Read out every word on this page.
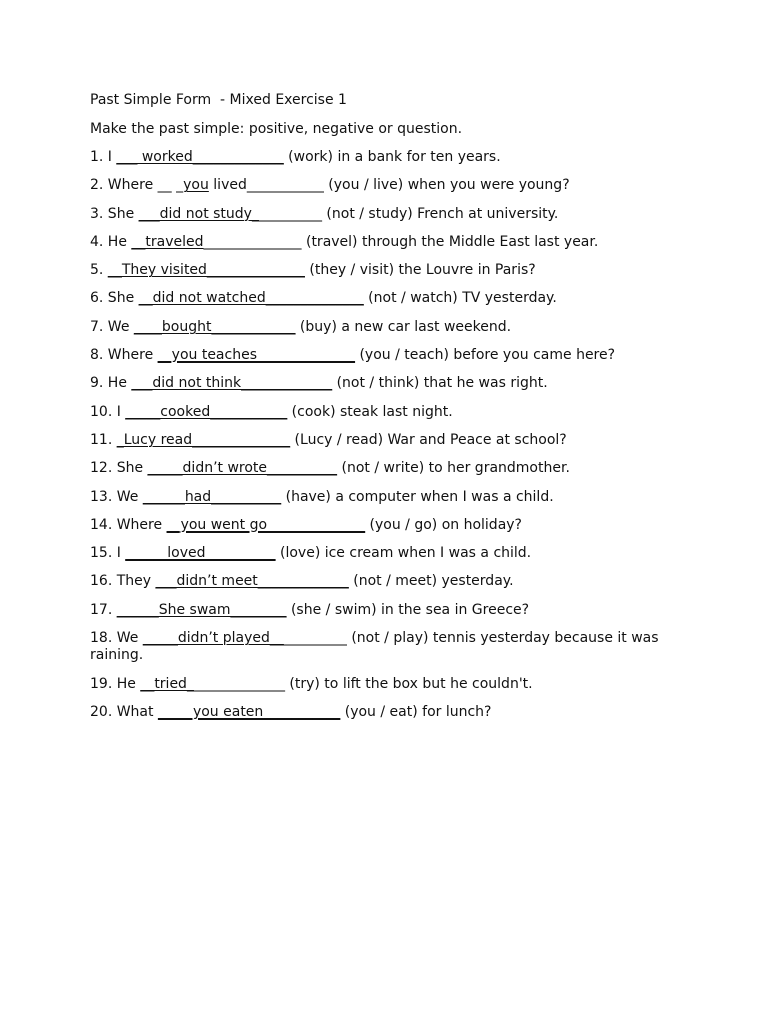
Past Simple Form  - Mixed Exercise 1
Make the past simple: positive, negative or question.
1. I ___ worked_____________ (work) in a bank for ten years.
2. Where __ _you lived___________ (you / live) when you were young?
3. She ___did not study__________ (not / study) French at university.
4. He __traveled______________ (travel) through the Middle East last year.
5. __They visited______________ (they / visit) the Louvre in Paris?
6. She __did not watched______________ (not / watch) TV yesterday.
7. We ____bought____________ (buy) a new car last weekend.
8. Where __you teaches______________ (you / teach) before you came here?
9. He ___did not think_____________ (not / think) that he was right.
10. I _____cooked___________ (cook) steak last night.
11. _Lucy read______________ (Lucy / read) War and Peace at school?
12. She _____didn’t wrote__________ (not / write) to her grandmother.
13. We ______had__________ (have) a computer when I was a child.
14. Where __you went go______________ (you / go) on holiday?
15. I ______loved__________ (love) ice cream when I was a child.
16. They ___didn’t meet_____________ (not / meet) yesterday.
17. ______She swam________ (she / swim) in the sea in Greece?
18. We _____didn’t played___________ (not / play) tennis yesterday because it was raining.
19. He __tried______________ (try) to lift the box but he couldn't.
20. What _____you eaten___________ (you / eat) for lunch?
